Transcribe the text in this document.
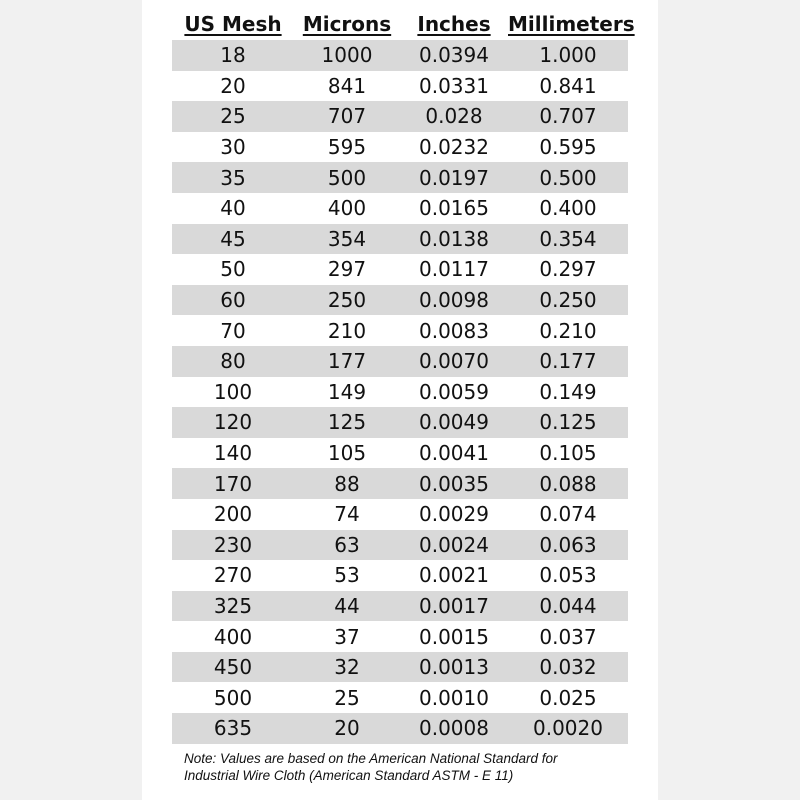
US Mesh	Microns	Inches	Millimeters
18	1000	0.0394	1.000
20	841	0.0331	0.841
25	707	0.028	0.707
30	595	0.0232	0.595
35	500	0.0197	0.500
40	400	0.0165	0.400
45	354	0.0138	0.354
50	297	0.0117	0.297
60	250	0.0098	0.250
70	210	0.0083	0.210
80	177	0.0070	0.177
100	149	0.0059	0.149
120	125	0.0049	0.125
140	105	0.0041	0.105
170	88	0.0035	0.088
200	74	0.0029	0.074
230	63	0.0024	0.063
270	53	0.0021	0.053
325	44	0.0017	0.044
400	37	0.0015	0.037
450	32	0.0013	0.032
500	25	0.0010	0.025
635	20	0.0008	0.0020
Note: Values are based on the American National Standard for
Industrial Wire Cloth (American Standard ASTM - E 11)
